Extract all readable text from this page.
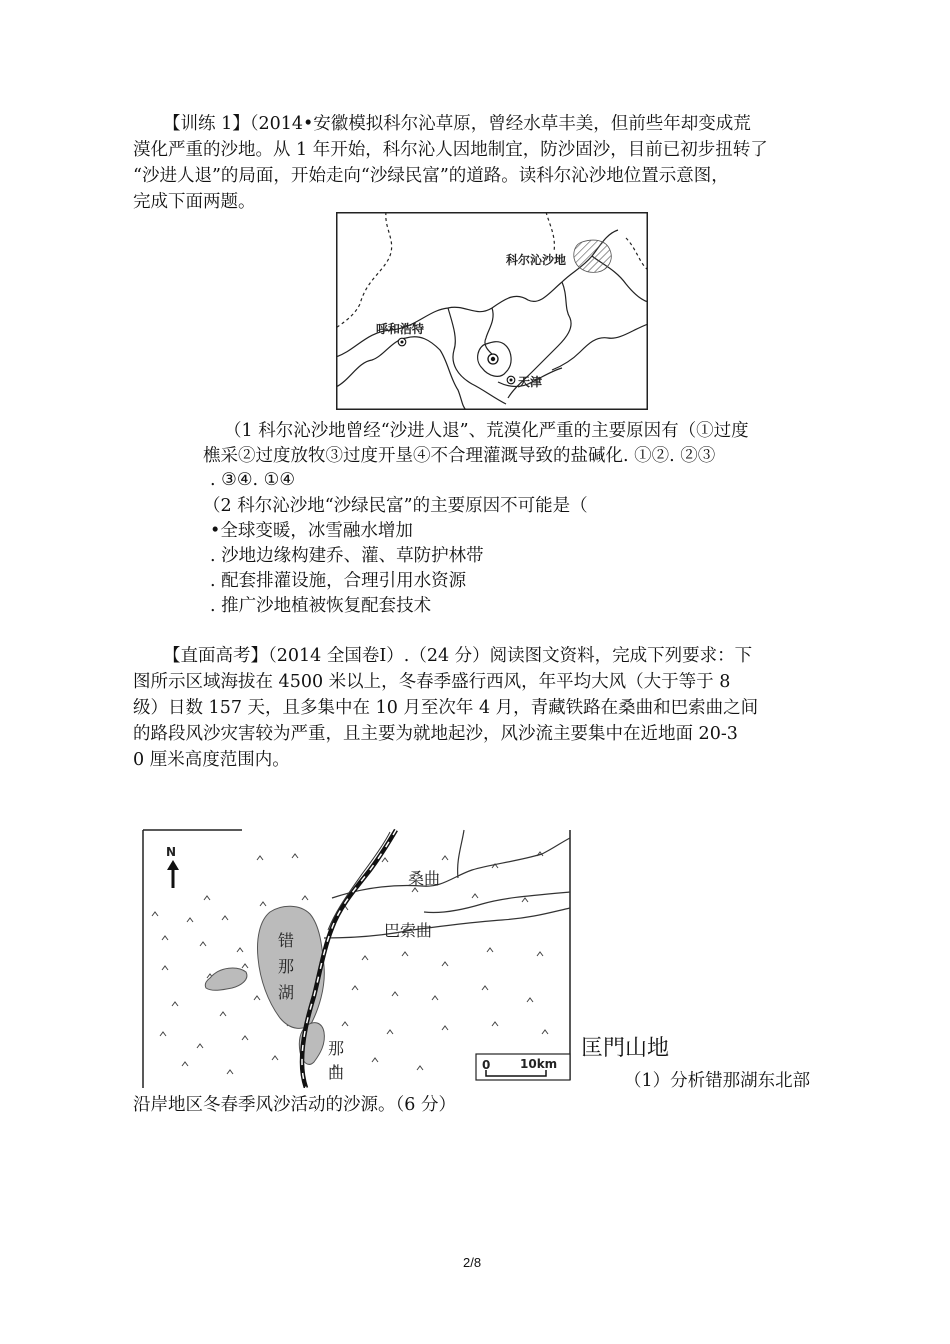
【训练 1】（2014•安徽模拟科尔沁草原，曾经水草丰美，但前些年却变成荒
漠化严重的沙地。从 1 年开始，科尔沁人因地制宜，防沙固沙，目前已初步扭转了
“沙进人退”的局面，开始走向“沙绿民富”的道路。读科尔沁沙地位置示意图，
完成下面两题。
科尔沁沙地
呼和浩特
天津
（1 科尔沁沙地曾经“沙进人退”、荒漠化严重的主要原因有（①过度
樵采②过度放牧③过度开垦④不合理灌溉导致的盐碱化. ①②. ②③
. ③④. ①④
（2 科尔沁沙地“沙绿民富”的主要原因不可能是（
•全球变暖，冰雪融水增加
. 沙地边缘构建乔、灌、草防护林带
. 配套排灌设施，合理引用水资源
. 推广沙地植被恢复配套技术
【直面高考】（2014 全国卷Ⅰ）.（24 分）阅读图文资料，完成下列要求：下
图所示区域海拔在 4500 米以上，冬春季盛行西风，年平均大风（大于等于 8
级）日数 157 天，且多集中在 10 月至次年 4 月，青藏铁路在桑曲和巴索曲之间
的路段风沙灾害较为严重，且主要为就地起沙，风沙流主要集中在近地面 20-3
0 厘米高度范围内。
N
桑曲
巴索曲
错
那
湖
那
曲	0 10km
匡門山地
（1）分析错那湖东北部
沿岸地区冬春季风沙活动的沙源。（6 分）
2/8
